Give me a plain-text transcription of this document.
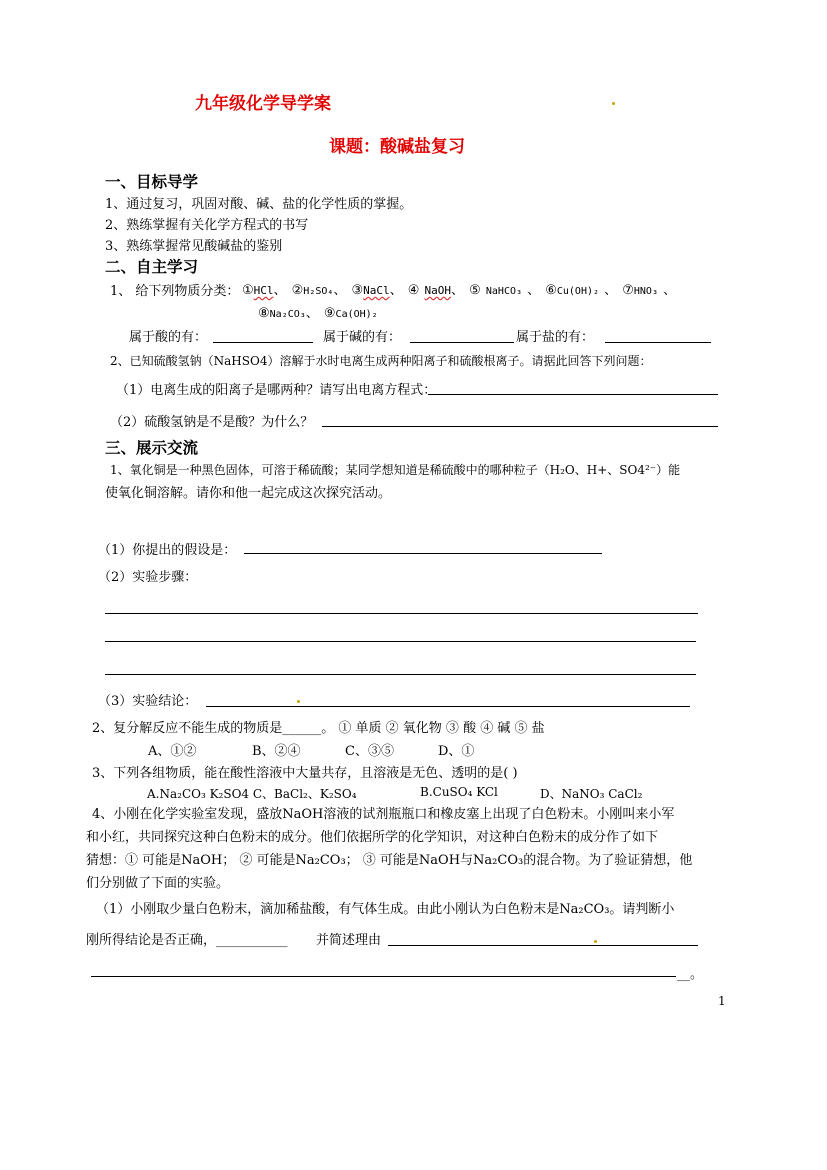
九年级化学导学案
课题：酸碱盐复习
一、目标导学
1、通过复习，巩固对酸、碱、盐的化学性质的掌握。
2、熟练掌握有关化学方程式的书写
3、熟练掌握常见酸碱盐的鉴别
二、自主学习
1、 给下列物质分类： ①HCl、 ②H₂SO₄、 ③NaCl、 ④ NaOH、 ⑤ NaHCO₃ 、 ⑥Cu(OH)₂ 、 ⑦HNO₃ 、
⑧Na₂CO₃、 ⑨Ca(OH)₂
属于酸的有：	属于碱的有：	属于盐的有：
2、已知硫酸氢钠（NaHSO4）溶解于水时电离生成两种阳离子和硫酸根离子。请据此回答下列问题：
（1）电离生成的阳离子是哪两种？请写出电离方程式：
（2）硫酸氢钠是不是酸？为什么？
三、展示交流
1、氧化铜是一种黑色固体，可溶于稀硫酸；某同学想知道是稀硫酸中的哪种粒子（H₂O、H+、SO4²⁻）能
使氧化铜溶解。请你和他一起完成这次探究活动。
（1）你提出的假设是：
（2）实验步骤：
（3）实验结论：
2、复分解反应不能生成的物质是______。 ① 单质 ② 氧化物 ③ 酸 ④ 碱 ⑤ 盐
A、①②	B、②④	C、③⑤	D、①
3、下列各组物质，能在酸性溶液中大量共存，且溶液是无色、透明的是( )
A.Na₂CO₃ K₂SO4 C、BaCl₂、K₂SO₄	B.CuSO₄ KCl	D、NaNO₃ CaCl₂
4、小刚在化学实验室发现，盛放NaOH溶液的试剂瓶瓶口和橡皮塞上出现了白色粉末。小刚叫来小军
和小红，共同探究这种白色粉末的成分。他们依据所学的化学知识，对这种白色粉末的成分作了如下
猜想：① 可能是NaOH； ② 可能是Na₂CO₃； ③ 可能是NaOH与Na₂CO₃的混合物。为了验证猜想，他
们分别做了下面的实验。
（1）小刚取少量白色粉末，滴加稀盐酸，有气体生成。由此小刚认为白色粉末是Na₂CO₃。请判断小
刚所得结论是否正确，___________ 并简述理由
__。
1
